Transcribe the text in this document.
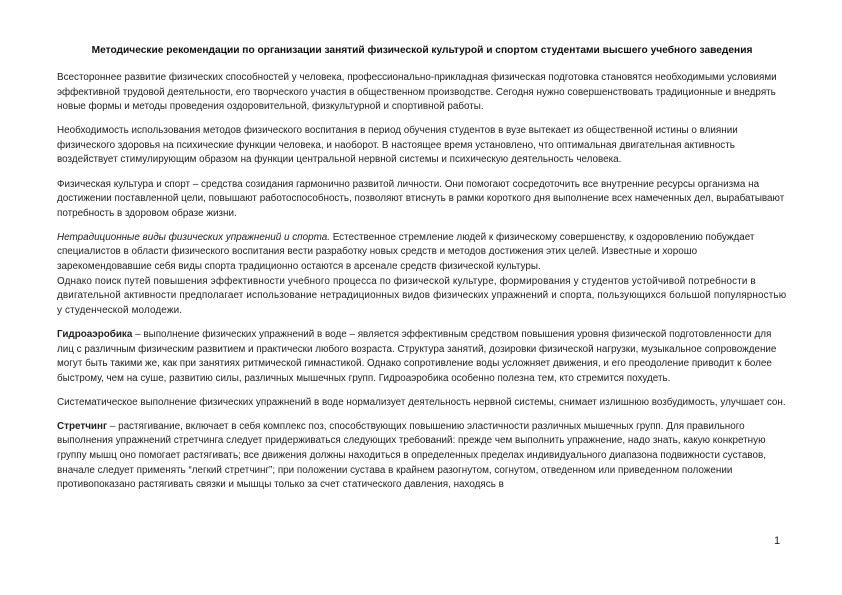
Методические рекомендации по организации занятий физической культурой и спортом студентами высшего учебного заведения

Всестороннее развитие физических способностей у человека, профессионально-прикладная физическая подготовка становятся необходимыми условиями эффективной трудовой деятельности, его творческого участия в общественном производстве. Сегодня нужно совершенствовать традиционные и внедрять новые формы и методы проведения оздоровительной, физкультурной и спортивной работы.

Необходимость использования методов физического воспитания в период обучения студентов в вузе вытекает из общественной истины о влиянии физического здоровья на психические функции человека, и наоборот. В настоящее время установлено, что оптимальная двигательная активность воздействует стимулирующим образом на функции центральной нервной системы и психическую деятельность человека.

Физическая культура и спорт – средства созидания гармонично развитой личности. Они помогают сосредоточить все внутренние ресурсы организма на достижении поставленной цели, повышают работоспособность, позволяют втиснуть в рамки короткого дня выполнение всех намеченных дел, вырабатывают потребность в здоровом образе жизни.

Нетрадиционные виды физических упражнений и спорта. Естественное стремление людей к физическому совершенству, к оздоровлению побуждает специалистов в области физического воспитания вести разработку новых средств и методов достижения этих целей. Известные и хорошо зарекомендовавшие себя виды спорта традиционно остаются в арсенале средств физической культуры.

Однако поиск путей повышения эффективности учебного процесса по физической культуре, формирования у студентов устойчивой потребности в двигательной активности предполагает использование нетрадиционных видов физических упражнений и спорта, пользующихся большой популярностью у студенческой молодежи.

Гидроаэробика – выполнение физических упражнений в воде – является эффективным средством повышения уровня физической подготовленности для лиц с различным физическим развитием и практически любого возраста. Структура занятий, дозировки физической нагрузки, музыкальное сопровождение могут быть такими же, как при занятиях ритмической гимнастикой. Однако сопротивление воды усложняет движения, и его преодоление приводит к более быстрому, чем на суше, развитию силы, различных мышечных групп. Гидроаэробика особенно полезна тем, кто стремится похудеть.

Систематическое выполнение физических упражнений в воде нормализует деятельность нервной системы, снимает излишнюю возбудимость, улучшает сон.

Стретчинг – растягивание, включает в себя комплекс поз, способствующих повышению эластичности различных мышечных групп. Для правильного выполнения упражнений стретчинга следует придерживаться следующих требований: прежде чем выполнить упражнение, надо знать, какую конкретную группу мышц оно помогает растягивать; все движения должны находиться в определенных пределах индивидуального диапазона подвижности суставов, вначале следует применять “легкий стретчинг”; при положении сустава в крайнем разогнутом, согнутом, отведенном или приведенном положении противопоказано растягивать связки и мышцы только за счет статического давления, находясь в

1
